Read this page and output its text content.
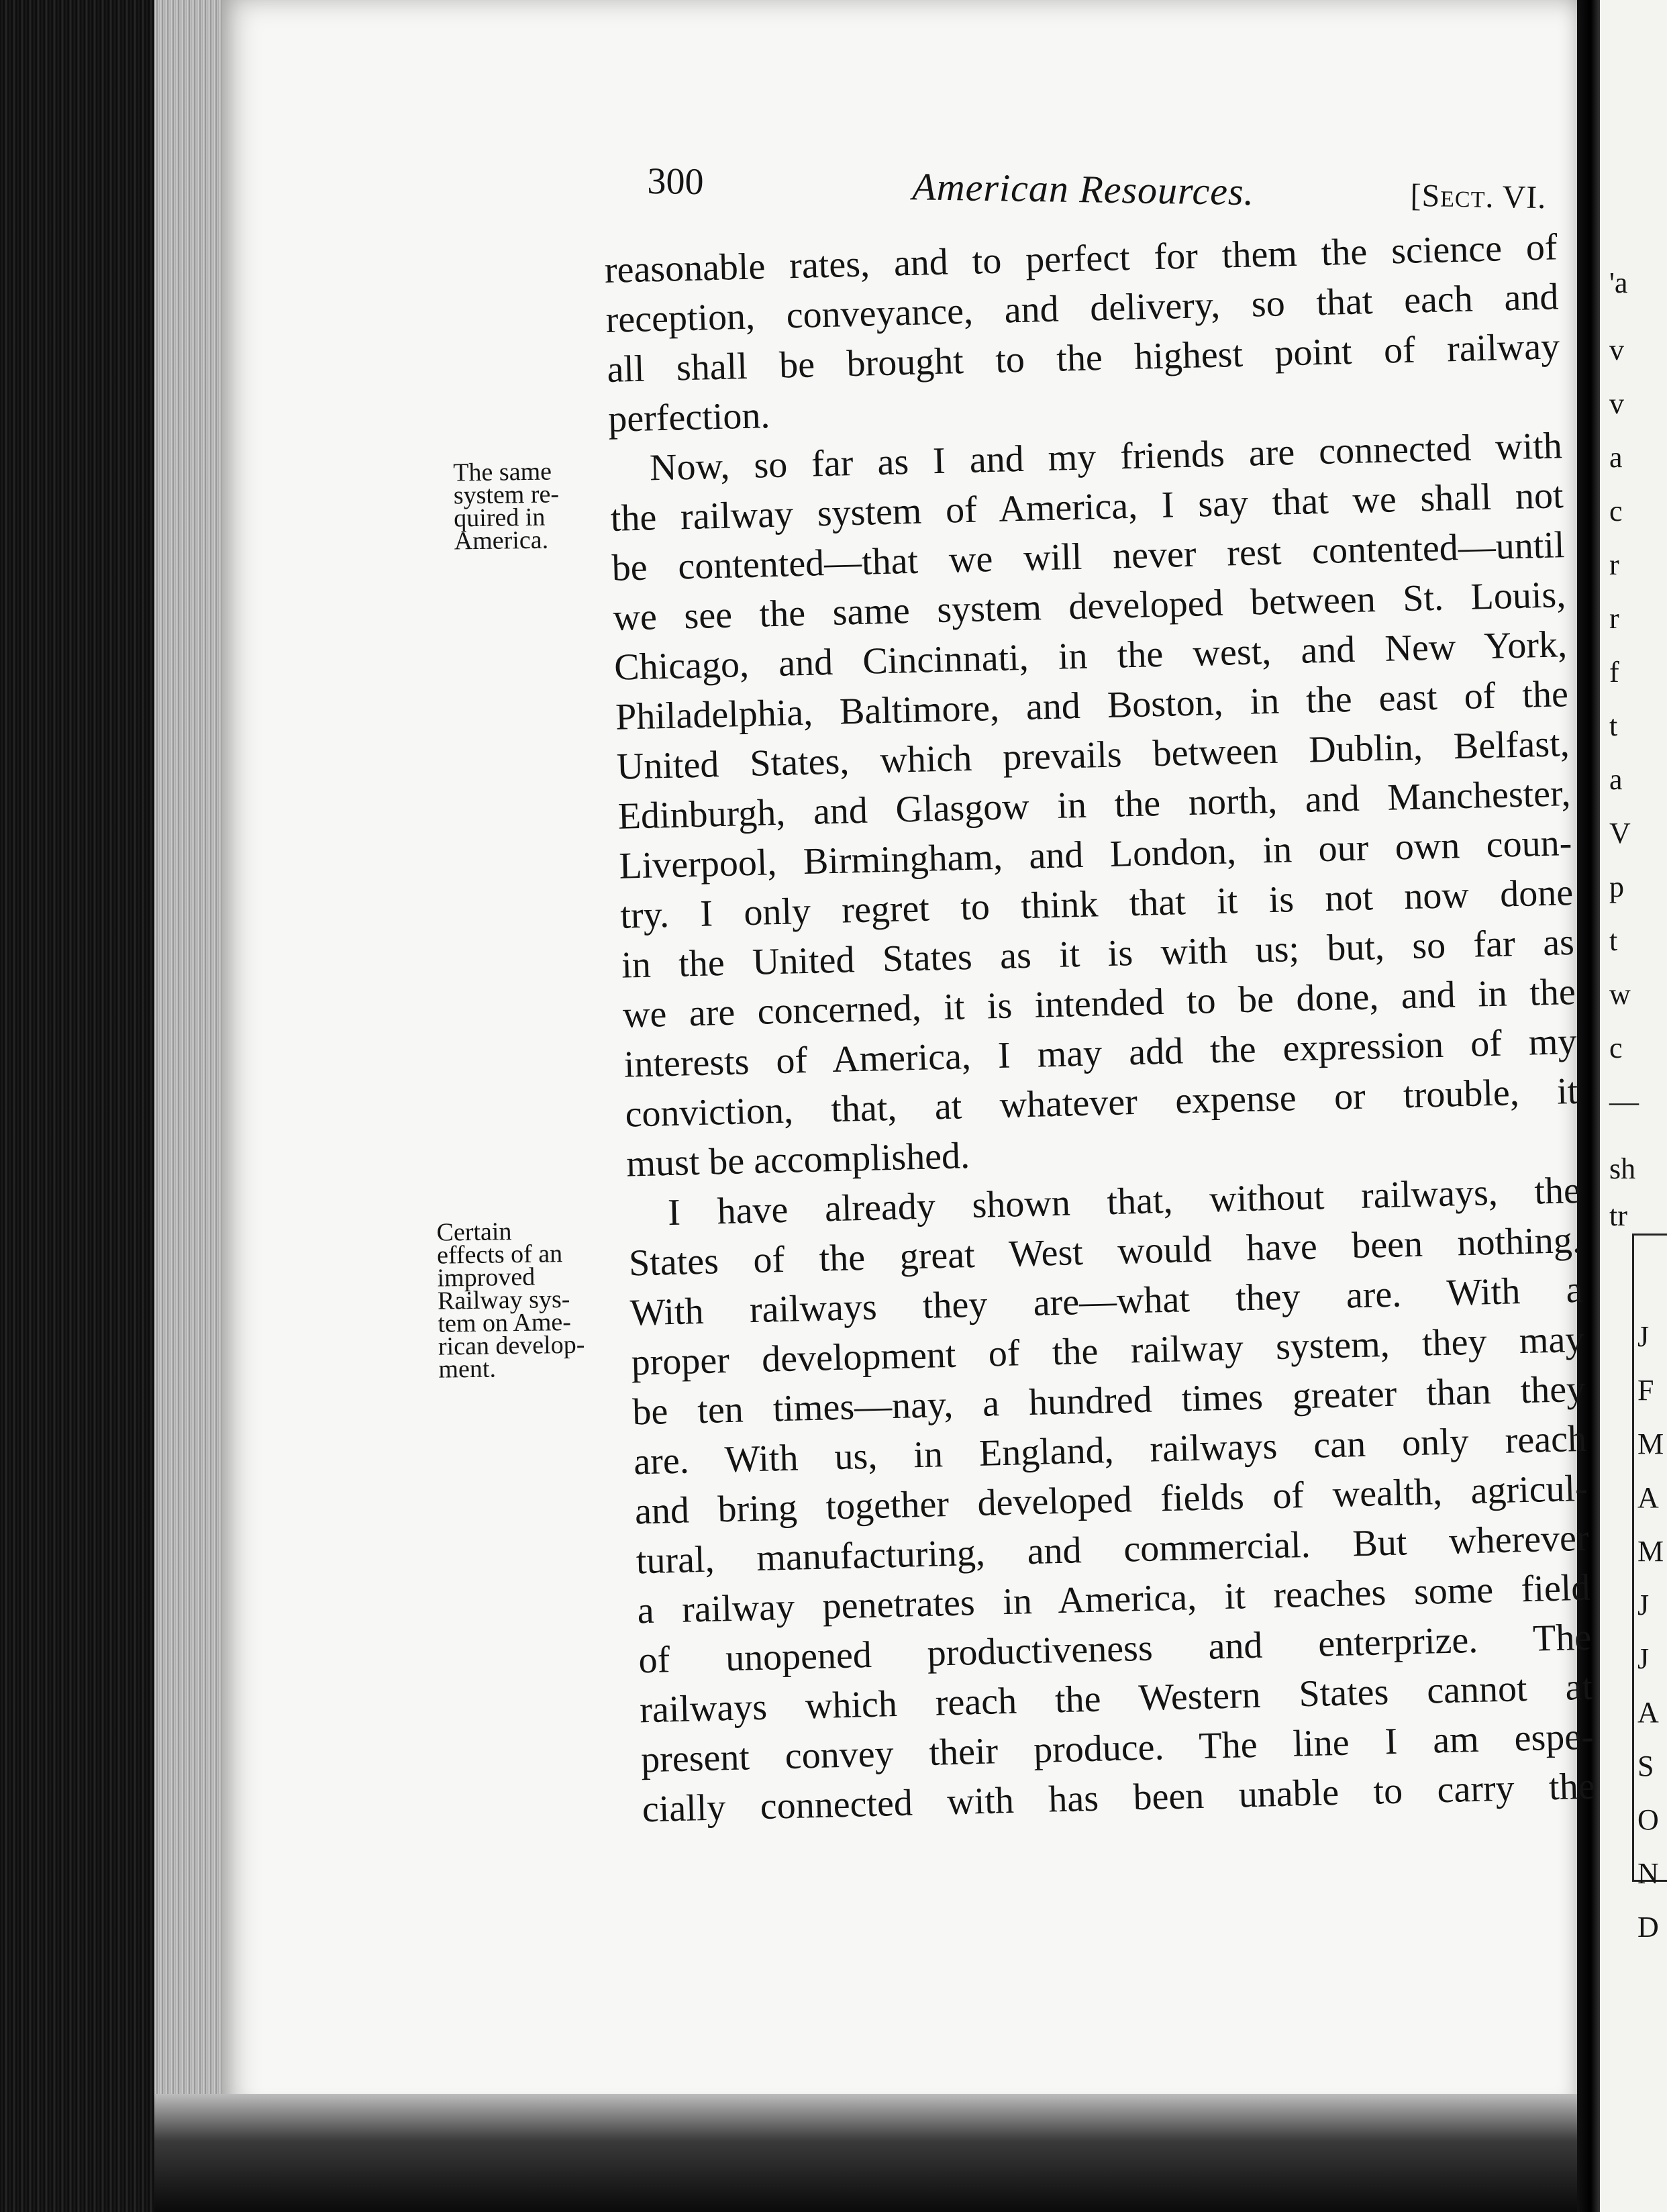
'a
v
v
a
c
r
r
f
t
a
V
p
t
w
c
—
sh
tr
J
F
M
A
M
J
J
A
S
O
N
D
300	American Resources.	[Sect. VI.
The same
system re-
quired in
America.
Certain
effects of an
improved
Railway sys-
tem on Ame-
rican develop-
ment.
reasonable rates, and to perfect for them the science of
reception, conveyance, and delivery, so that each and
all shall be brought to the highest point of railway
perfection.
Now, so far as I and my friends are connected with
the railway system of America, I say that we shall not
be contented—that we will never rest contented—until
we see the same system developed between St. Louis,
Chicago, and Cincinnati, in the west, and New York,
Philadelphia, Baltimore, and Boston, in the east of the
United States, which prevails between Dublin, Belfast,
Edinburgh, and Glasgow in the north, and Manchester,
Liverpool, Birmingham, and London, in our own coun-
try. I only regret to think that it is not now done
in the United States as it is with us; but, so far as
we are concerned, it is intended to be done, and in the
interests of America, I may add the expression of my
conviction, that, at whatever expense or trouble, it
must be accomplished.
I have already shown that, without railways, the
States of the great West would have been nothing.
With railways they are—what they are. With a
proper development of the railway system, they may
be ten times—nay, a hundred times greater than they
are. With us, in England, railways can only reach
and bring together developed fields of wealth, agricul-
tural, manufacturing, and commercial. But wherever
a railway penetrates in America, it reaches some field
of unopened productiveness and enterprize. The
railways which reach the Western States cannot at
present convey their produce. The line I am espe-
cially connected with has been unable to carry the
